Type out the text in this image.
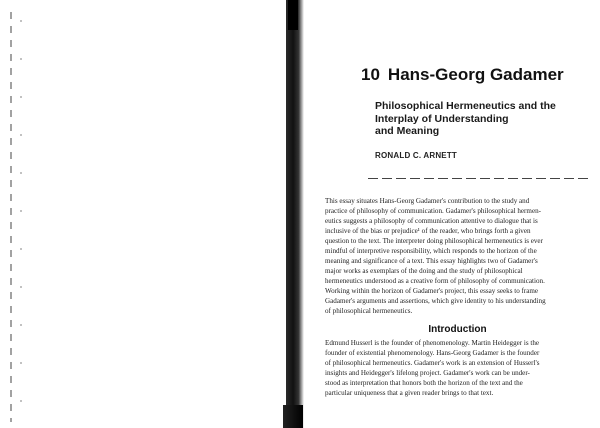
10 Hans-Georg Gadamer
Philosophical Hermeneutics and the
Interplay of Understanding
and Meaning
RONALD C. ARNETT
This essay situates Hans-Georg Gadamer's contribution to the study and
practice of philosophy of communication. Gadamer's philosophical hermen-
eutics suggests a philosophy of communication attentive to dialogue that is
inclusive of the bias or prejudice¹ of the reader, who brings forth a given
question to the text. The interpreter doing philosophical hermeneutics is ever
mindful of interpretive responsibility, which responds to the horizon of the
meaning and significance of a text. This essay highlights two of Gadamer's
major works as exemplars of the doing and the study of philosophical
hermeneutics understood as a creative form of philosophy of communication.
Working within the horizon of Gadamer's project, this essay seeks to frame
Gadamer's arguments and assertions, which give identity to his understanding
of philosophical hermeneutics.
Introduction
Edmund Husserl is the founder of phenomenology. Martin Heidegger is the
founder of existential phenomenology. Hans-Georg Gadamer is the founder
of philosophical hermeneutics. Gadamer's work is an extension of Husserl's
insights and Heidegger's lifelong project. Gadamer's work can be under-
stood as interpretation that honors both the horizon of the text and the
particular uniqueness that a given reader brings to that text.
